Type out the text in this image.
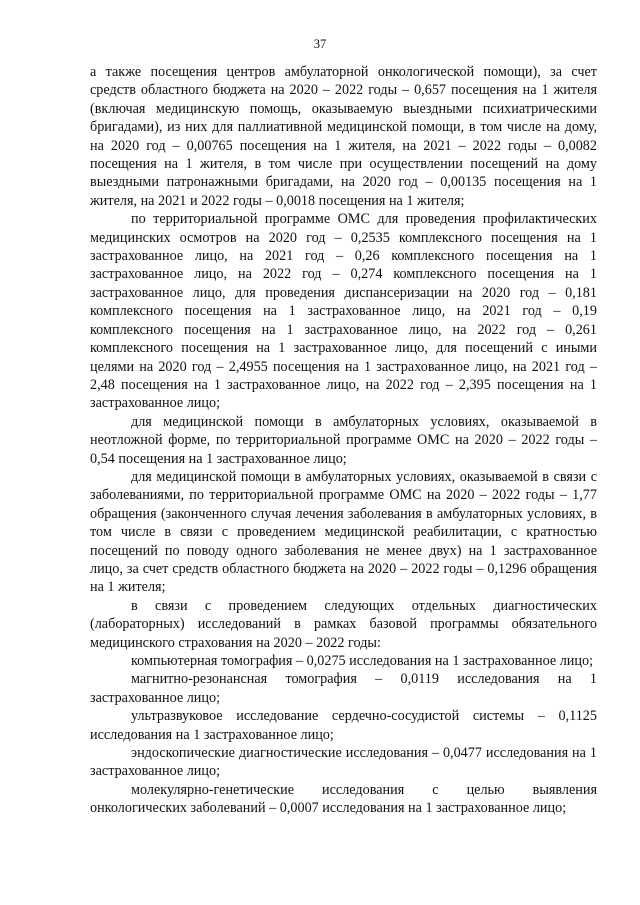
37

а также посещения центров амбулаторной онкологической помощи), за счет средств областного бюджета на 2020 – 2022 годы – 0,657 посещения на 1 жителя (включая медицинскую помощь, оказываемую выездными психиатрическими бригадами), из них для паллиативной медицинской помощи, в том числе на дому, на 2020 год – 0,00765 посещения на 1 жителя, на 2021 – 2022 годы – 0,0082 посещения на 1 жителя, в том числе при осуществлении посещений на дому выездными патронажными бригадами, на 2020 год – 0,00135 посещения на 1 жителя, на 2021 и 2022 годы – 0,0018 посещения на 1 жителя;

по территориальной программе ОМС для проведения профилактических медицинских осмотров на 2020 год – 0,2535 комплексного посещения на 1 застрахованное лицо, на 2021 год – 0,26 комплексного посещения на 1 застрахованное лицо, на 2022 год – 0,274 комплексного посещения на 1 застрахованное лицо, для проведения диспансеризации на 2020 год – 0,181 комплексного посещения на 1 застрахованное лицо, на 2021 год – 0,19 комплексного посещения на 1 застрахованное лицо, на 2022 год – 0,261 комплексного посещения на 1 застрахованное лицо, для посещений с иными целями на 2020 год – 2,4955 посещения на 1 застрахованное лицо, на 2021 год – 2,48 посещения на 1 застрахованное лицо, на 2022 год – 2,395 посещения на 1 застрахованное лицо;

для медицинской помощи в амбулаторных условиях, оказываемой в неотложной форме, по территориальной программе ОМС на 2020 – 2022 годы – 0,54 посещения на 1 застрахованное лицо;

для медицинской помощи в амбулаторных условиях, оказываемой в связи с заболеваниями, по территориальной программе ОМС на 2020 – 2022 годы – 1,77 обращения (законченного случая лечения заболевания в амбулаторных условиях, в том числе в связи с проведением медицинской реабилитации, с кратностью посещений по поводу одного заболевания не менее двух) на 1 застрахованное лицо, за счет средств областного бюджета на 2020 – 2022 годы – 0,1296 обращения на 1 жителя;

в связи с проведением следующих отдельных диагностических (лабораторных) исследований в рамках базовой программы обязательного медицинского страхования на 2020 – 2022 годы:

компьютерная томография – 0,0275 исследования на 1 застрахованное лицо;

магнитно-резонансная томография – 0,0119 исследования на 1 застрахованное лицо;

ультразвуковое исследование сердечно-сосудистой системы – 0,1125 исследования на 1 застрахованное лицо;

эндоскопические диагностические исследования – 0,0477 исследования на 1 застрахованное лицо;

молекулярно-генетические исследования с целью выявления онкологических заболеваний – 0,0007 исследования на 1 застрахованное лицо;
